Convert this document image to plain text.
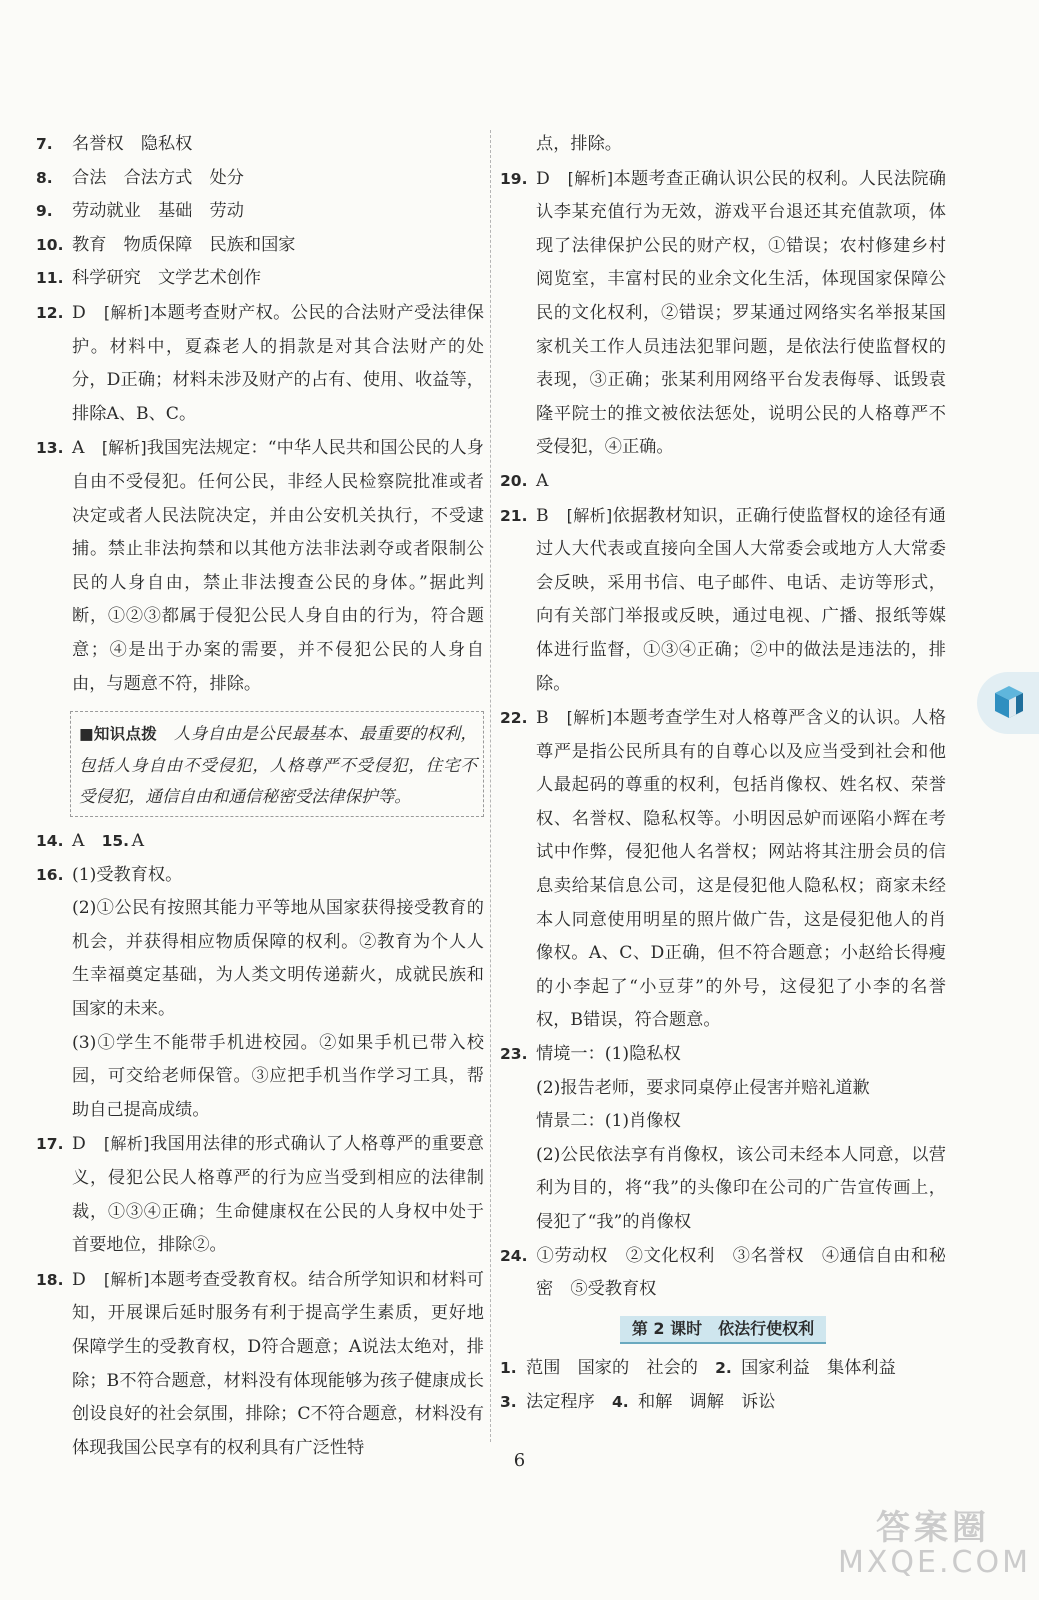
7. 名誉权　隐私权

8. 合法　合法方式　处分

9. 劳动就业　基础　劳动

10. 教育　物质保障　民族和国家

11. 科学研究　文学艺术创作

12. D　 [解析]本题考查财产权。公民的合法财产受法律保护。材料中，夏森老人的捐款是对其合法财产的处分，D正确；材料未涉及财产的占有、使用、收益等，排除A、B、C。

13. A　 [解析]我国宪法规定：“中华人民共和国公民的人身自由不受侵犯。任何公民，非经人民检察院批准或者决定或者人民法院决定，并由公安机关执行，不受逮捕。禁止非法拘禁和以其他方法非法剥夺或者限制公民的人身自由，禁止非法搜查公民的身体。”据此判断，①②③都属于侵犯公民人身自由的行为，符合题意；④是出于办案的需要，并不侵犯公民的人身自由，与题意不符，排除。

■知识点拨　 人身自由是公民最基本、最重要的权利，包括人身自由不受侵犯，人格尊严不受侵犯，住宅不受侵犯，通信自由和通信秘密受法律保护等。

14. A　15. A

16. (1)受教育权。

(2)①公民有按照其能力平等地从国家获得接受教育的机会，并获得相应物质保障的权利。②教育为个人人生幸福奠定基础，为人类文明传递薪火，成就民族和国家的未来。

(3)①学生不能带手机进校园。②如果手机已带入校园，可交给老师保管。③应把手机当作学习工具，帮助自己提高成绩。

17. D　 [解析]我国用法律的形式确认了人格尊严的重要意义，侵犯公民人格尊严的行为应当受到相应的法律制裁，①③④正确；生命健康权在公民的人身权中处于首要地位，排除②。

18. D　 [解析]本题考查受教育权。结合所学知识和材料可知，开展课后延时服务有利于提高学生素质，更好地保障学生的受教育权，D符合题意；A说法太绝对，排除；B不符合题意，材料没有体现能够为孩子健康成长创设良好的社会氛围，排除；C不符合题意，材料没有体现我国公民享有的权利具有广泛性特

点，排除。

19. D　 [解析]本题考查正确认识公民的权利。人民法院确认李某充值行为无效，游戏平台退还其充值款项，体现了法律保护公民的财产权，①错误；农村修建乡村阅览室，丰富村民的业余文化生活，体现国家保障公民的文化权利，②错误；罗某通过网络实名举报某国家机关工作人员违法犯罪问题，是依法行使监督权的表现，③正确；张某利用网络平台发表侮辱、诋毁袁隆平院士的推文被依法惩处，说明公民的人格尊严不受侵犯，④正确。

20. A

21. B　 [解析]依据教材知识，正确行使监督权的途径有通过人大代表或直接向全国人大常委会或地方人大常委会反映，采用书信、电子邮件、电话、走访等形式，向有关部门举报或反映，通过电视、广播、报纸等媒体进行监督，①③④正确；②中的做法是违法的，排除。

22. B　 [解析]本题考查学生对人格尊严含义的认识。人格尊严是指公民所具有的自尊心以及应当受到社会和他人最起码的尊重的权利，包括肖像权、姓名权、荣誉权、名誉权、隐私权等。小明因忌妒而诬陷小辉在考试中作弊，侵犯他人名誉权；网站将其注册会员的信息卖给某信息公司，这是侵犯他人隐私权；商家未经本人同意使用明星的照片做广告，这是侵犯他人的肖像权。A、C、D正确，但不符合题意；小赵给长得瘦的小李起了“小豆芽”的外号，这侵犯了小李的名誉权，B错误，符合题意。

23. 情境一：(1)隐私权

(2)报告老师，要求同桌停止侵害并赔礼道歉

情景二：(1)肖像权

(2)公民依法享有肖像权，该公司未经本人同意，以营利为目的，将“我”的头像印在公司的广告宣传画上，侵犯了“我”的肖像权

24. ①劳动权　②文化权利　③名誉权　④通信自由和秘密　⑤受教育权

第 2 课时　依法行使权利

1. 范围　国家的　社会的　2. 国家利益　集体利益

3. 法定程序　4. 和解　调解　诉讼

6
答案圈
MXQE.COM
